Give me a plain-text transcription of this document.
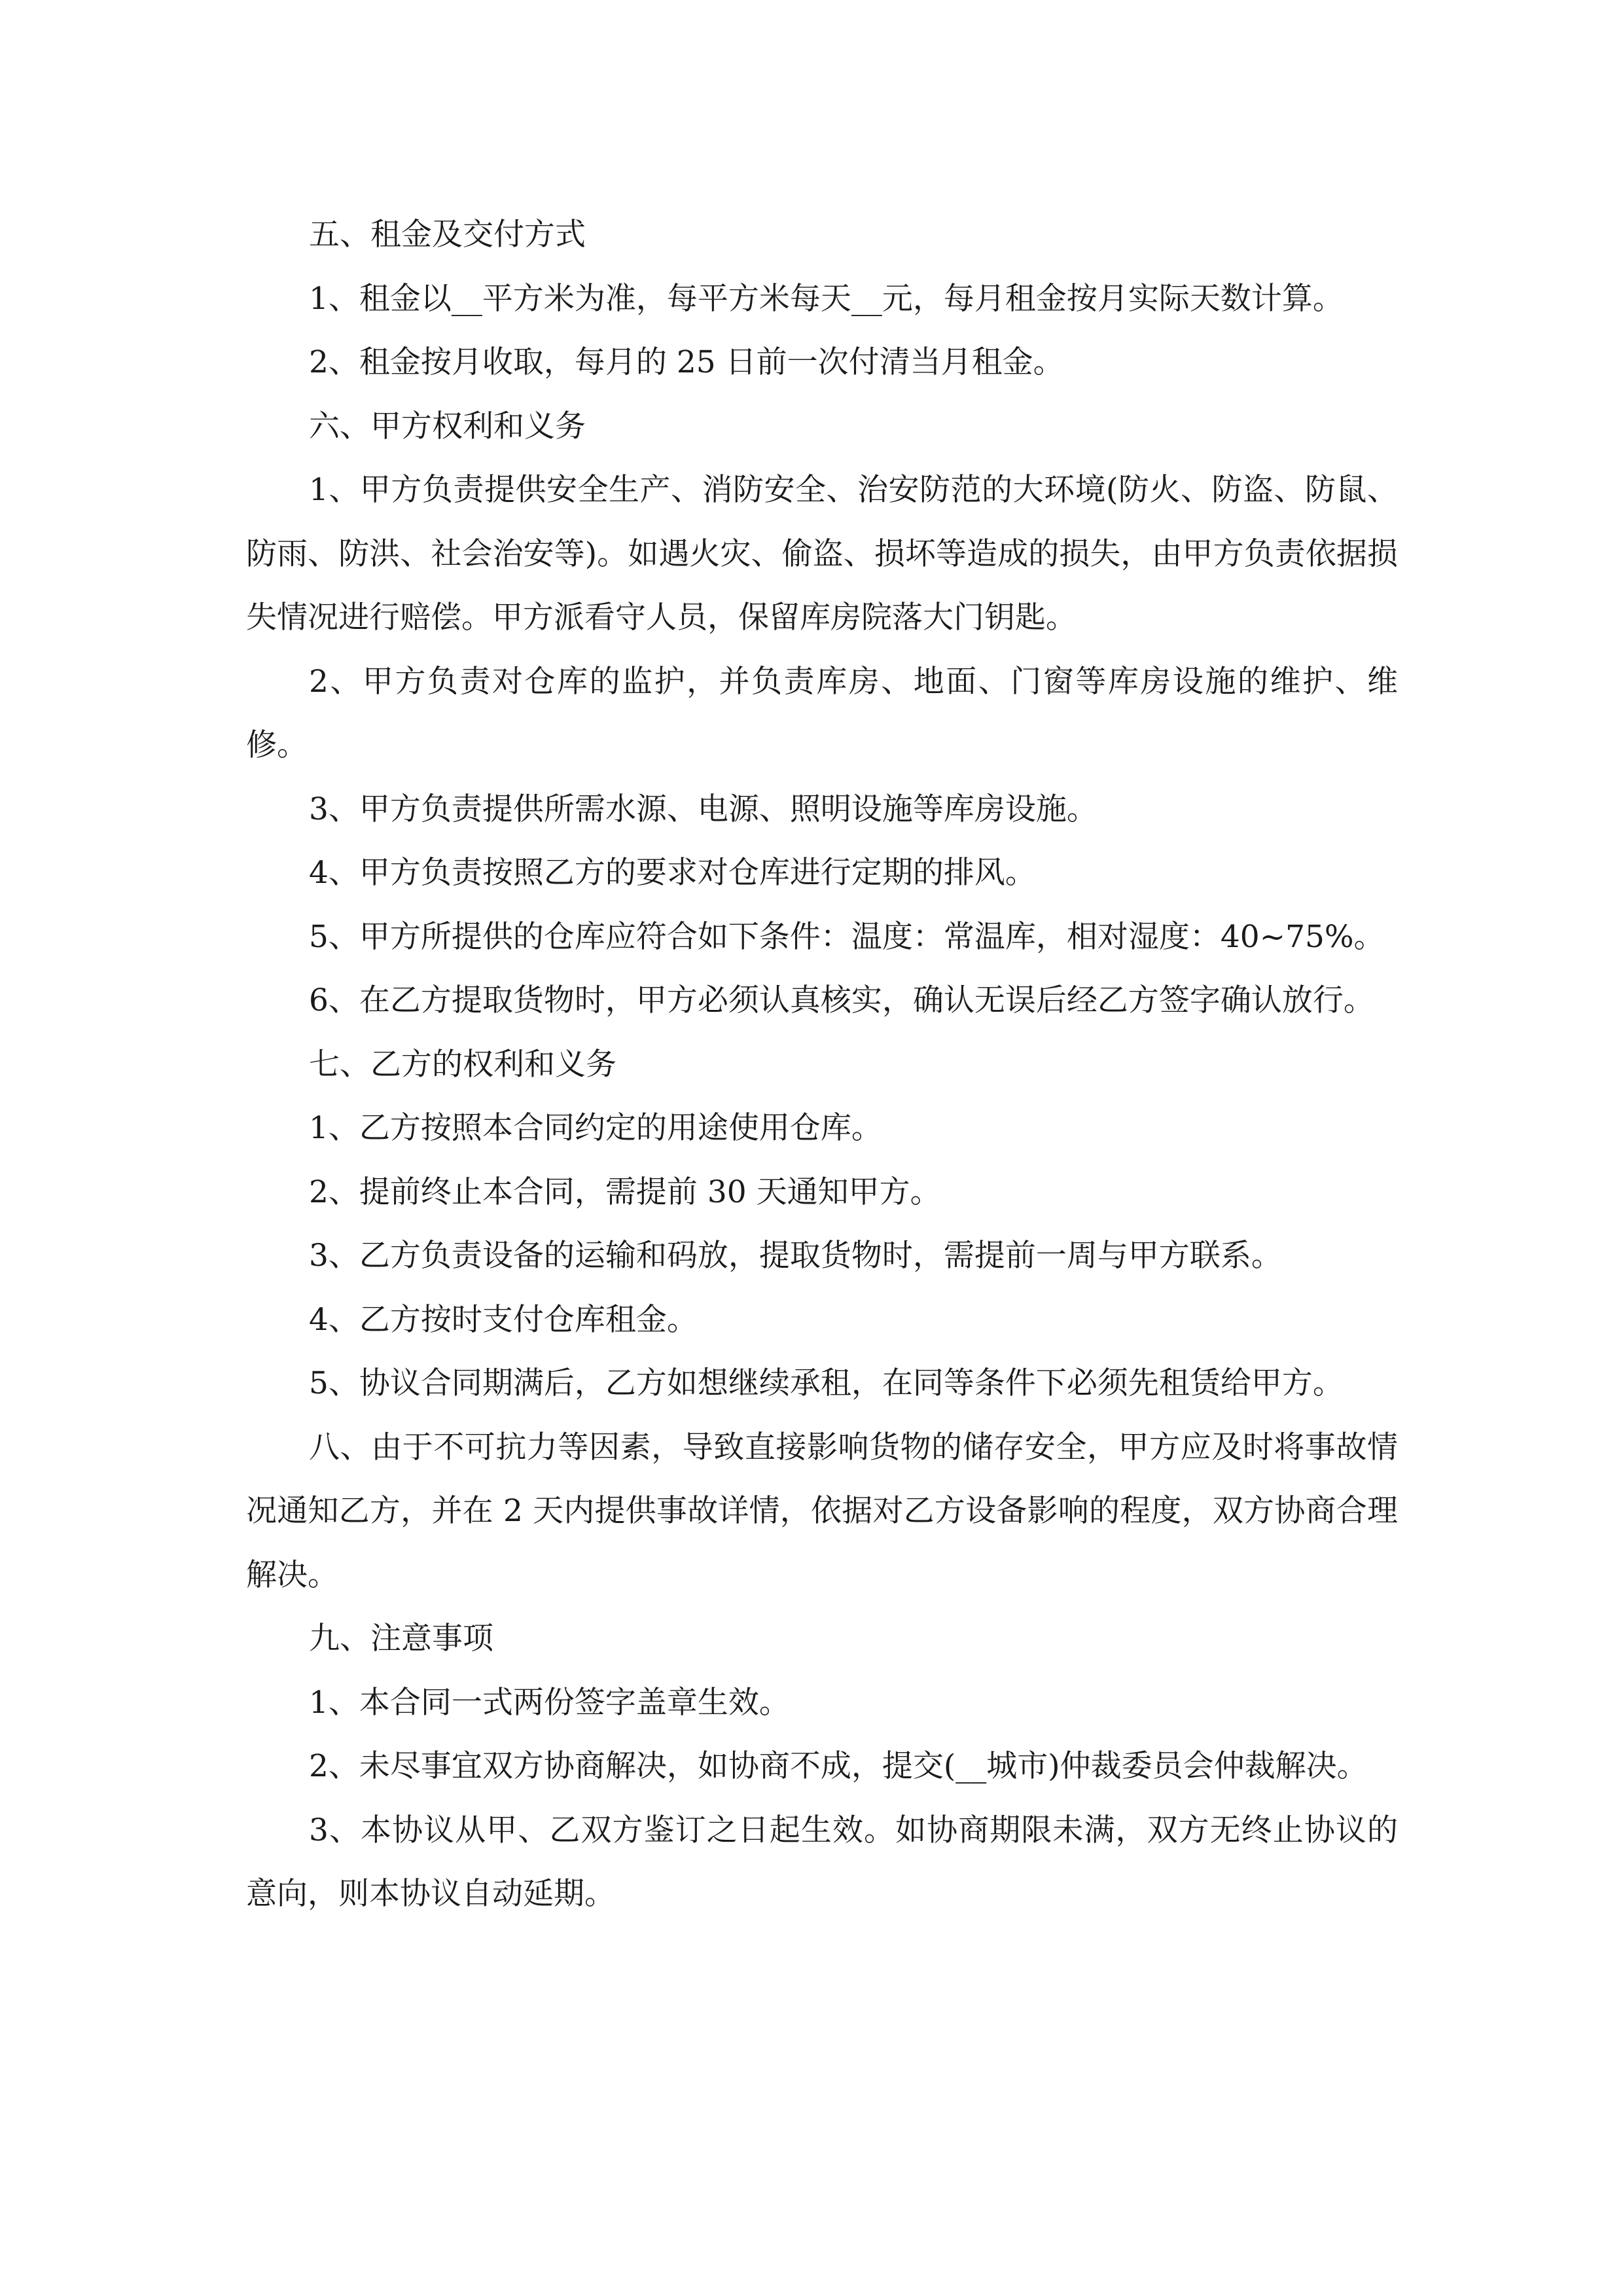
五、租金及交付方式

1、租金以__平方米为准，每平方米每天__元，每月租金按月实际天数计算。

2、租金按月收取，每月的 25 日前一次付清当月租金。

六、甲方权利和义务

1、甲方负责提供安全生产、消防安全、治安防范的大环境(防火、防盗、防鼠、防雨、防洪、社会治安等)。如遇火灾、偷盗、损坏等造成的损失，由甲方负责依据损失情况进行赔偿。甲方派看守人员，保留库房院落大门钥匙。

2、甲方负责对仓库的监护，并负责库房、地面、门窗等库房设施的维护、维修。

3、甲方负责提供所需水源、电源、照明设施等库房设施。

4、甲方负责按照乙方的要求对仓库进行定期的排风。

5、甲方所提供的仓库应符合如下条件：温度：常温库，相对湿度：40~75%。

6、在乙方提取货物时，甲方必须认真核实，确认无误后经乙方签字确认放行。

七、乙方的权利和义务

1、乙方按照本合同约定的用途使用仓库。

2、提前终止本合同，需提前 30 天通知甲方。

3、乙方负责设备的运输和码放，提取货物时，需提前一周与甲方联系。

4、乙方按时支付仓库租金。

5、协议合同期满后，乙方如想继续承租，在同等条件下必须先租赁给甲方。

八、由于不可抗力等因素，导致直接影响货物的储存安全，甲方应及时将事故情况通知乙方，并在 2 天内提供事故详情，依据对乙方设备影响的程度，双方协商合理解决。

九、注意事项

1、本合同一式两份签字盖章生效。

2、未尽事宜双方协商解决，如协商不成，提交(__城市)仲裁委员会仲裁解决。

3、本协议从甲、乙双方鉴订之日起生效。如协商期限未满，双方无终止协议的意向，则本协议自动延期。
